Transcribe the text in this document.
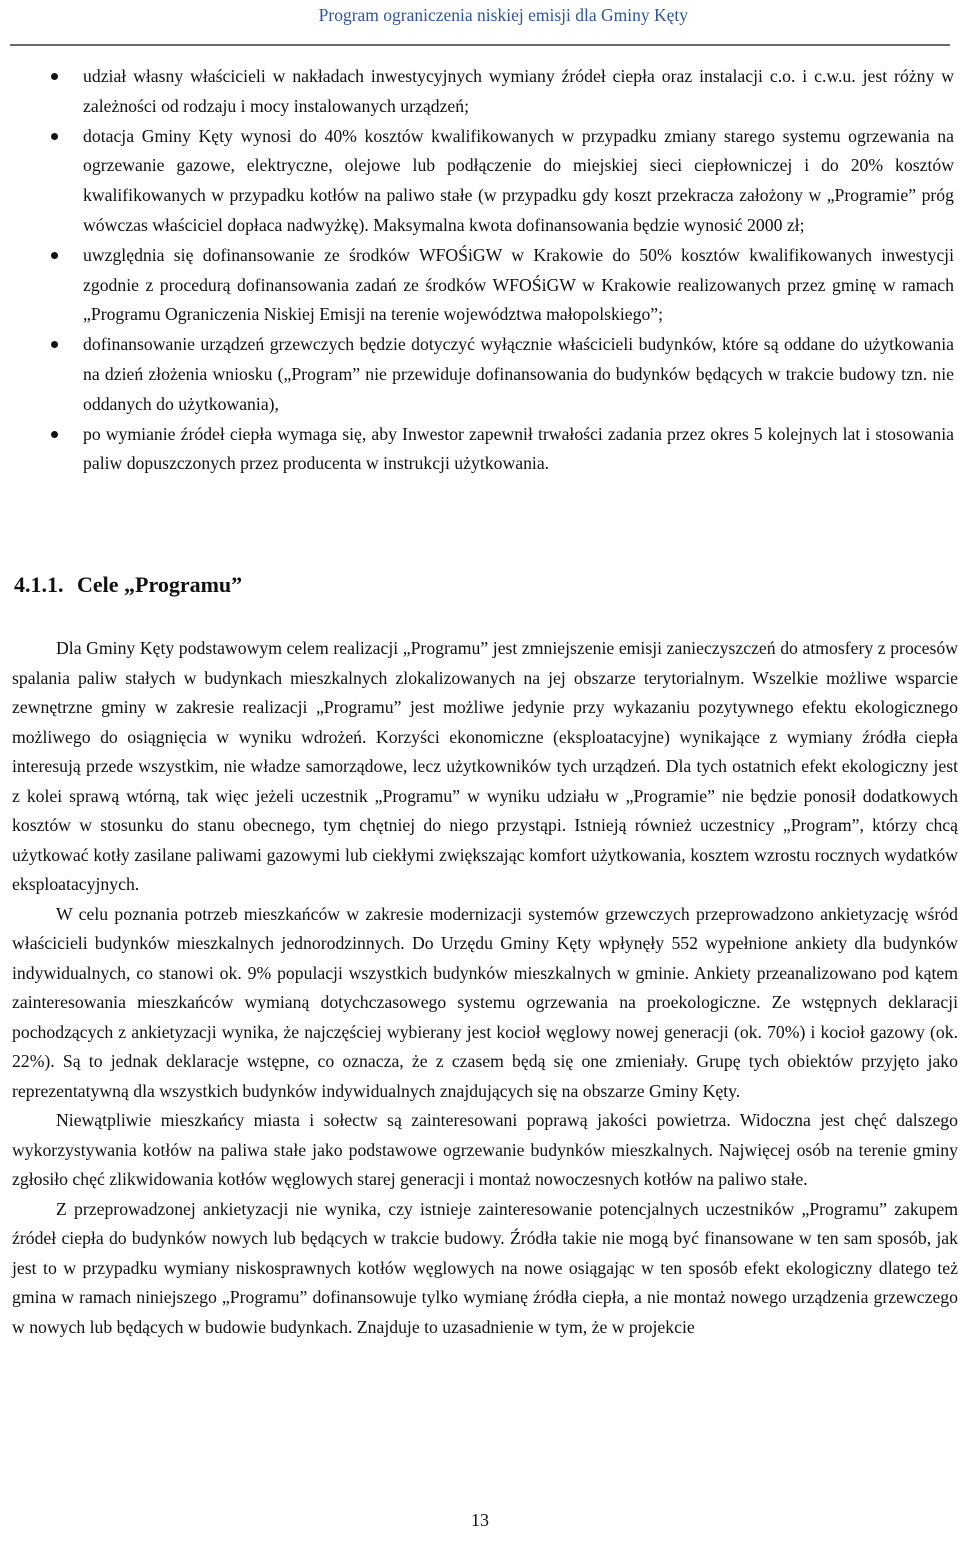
Program ograniczenia niskiej emisji dla Gminy Kęty
udział własny właścicieli w nakładach inwestycyjnych wymiany źródeł ciepła oraz instalacji c.o. i c.w.u. jest różny w zależności od rodzaju i mocy instalowanych urządzeń;
dotacja Gminy Kęty wynosi do 40% kosztów kwalifikowanych w przypadku zmiany starego systemu ogrzewania na ogrzewanie gazowe, elektryczne, olejowe lub podłączenie do miejskiej sieci ciepłowniczej i do 20% kosztów kwalifikowanych w przypadku kotłów na paliwo stałe (w przypadku gdy koszt przekracza założony w „Programie” próg wówczas właściciel dopłaca nadwyżkę). Maksymalna kwota dofinansowania będzie wynosić 2000 zł;
uwzględnia się dofinansowanie ze środków WFOŚiGW w Krakowie do 50% kosztów kwalifikowanych inwestycji zgodnie z procedurą dofinansowania zadań ze środków WFOŚiGW w Krakowie realizowanych przez gminę w ramach „Programu Ograniczenia Niskiej Emisji na terenie województwa małopolskiego”;
dofinansowanie urządzeń grzewczych będzie dotyczyć wyłącznie właścicieli budynków, które są oddane do użytkowania na dzień złożenia wniosku („Program” nie przewiduje dofinansowania do budynków będących w trakcie budowy tzn. nie oddanych do użytkowania),
po wymianie źródeł ciepła wymaga się, aby Inwestor zapewnił trwałości zadania przez okres 5 kolejnych lat i stosowania paliw dopuszczonych przez producenta w instrukcji użytkowania.
4.1.1. Cele „Programu”

Dla Gminy Kęty podstawowym celem realizacji „Programu” jest zmniejszenie emisji zanieczyszczeń do atmosfery z procesów spalania paliw stałych w budynkach mieszkalnych zlokalizowanych na jej obszarze terytorialnym. Wszelkie możliwe wsparcie zewnętrzne gminy w zakresie realizacji „Programu” jest możliwe jedynie przy wykazaniu pozytywnego efektu ekologicznego możliwego do osiągnięcia w wyniku wdrożeń. Korzyści ekonomiczne (eksploatacyjne) wynikające z wymiany źródła ciepła interesują przede wszystkim, nie władze samorządowe, lecz użytkowników tych urządzeń. Dla tych ostatnich efekt ekologiczny jest z kolei sprawą wtórną, tak więc jeżeli uczestnik „Programu” w wyniku udziału w „Programie” nie będzie ponosił dodatkowych kosztów w stosunku do stanu obecnego, tym chętniej do niego przystąpi. Istnieją również uczestnicy „Program”, którzy chcą użytkować kotły zasilane paliwami gazowymi lub ciekłymi zwiększając komfort użytkowania, kosztem wzrostu rocznych wydatków eksploatacyjnych.

W celu poznania potrzeb mieszkańców w zakresie modernizacji systemów grzewczych przeprowadzono ankietyzację wśród właścicieli budynków mieszkalnych jednorodzinnych. Do Urzędu Gminy Kęty wpłynęły 552 wypełnione ankiety dla budynków indywidualnych, co stanowi ok. 9% populacji wszystkich budynków mieszkalnych w gminie. Ankiety przeanalizowano pod kątem zainteresowania mieszkańców wymianą dotychczasowego systemu ogrzewania na proekologiczne. Ze wstępnych deklaracji pochodzących z ankietyzacji wynika, że najczęściej wybierany jest kocioł węglowy nowej generacji (ok. 70%) i kocioł gazowy (ok. 22%). Są to jednak deklaracje wstępne, co oznacza, że z czasem będą się one zmieniały. Grupę tych obiektów przyjęto jako reprezentatywną dla wszystkich budynków indywidualnych znajdujących się na obszarze Gminy Kęty.

Niewątpliwie mieszkańcy miasta i sołectw są zainteresowani poprawą jakości powietrza. Widoczna jest chęć dalszego wykorzystywania kotłów na paliwa stałe jako podstawowe ogrzewanie budynków mieszkalnych. Najwięcej osób na terenie gminy zgłosiło chęć zlikwidowania kotłów węglowych starej generacji i montaż nowoczesnych kotłów na paliwo stałe.

Z przeprowadzonej ankietyzacji nie wynika, czy istnieje zainteresowanie potencjalnych uczestników „Programu” zakupem źródeł ciepła do budynków nowych lub będących w trakcie budowy. Źródła takie nie mogą być finansowane w ten sam sposób, jak jest to w przypadku wymiany niskosprawnych kotłów węglowych na nowe osiągając w ten sposób efekt ekologiczny dlatego też gmina w ramach niniejszego „Programu” dofinansowuje tylko wymianę źródła ciepła, a nie montaż nowego urządzenia grzewczego w nowych lub będących w budowie budynkach. Znajduje to uzasadnienie w tym, że w projekcie

13
